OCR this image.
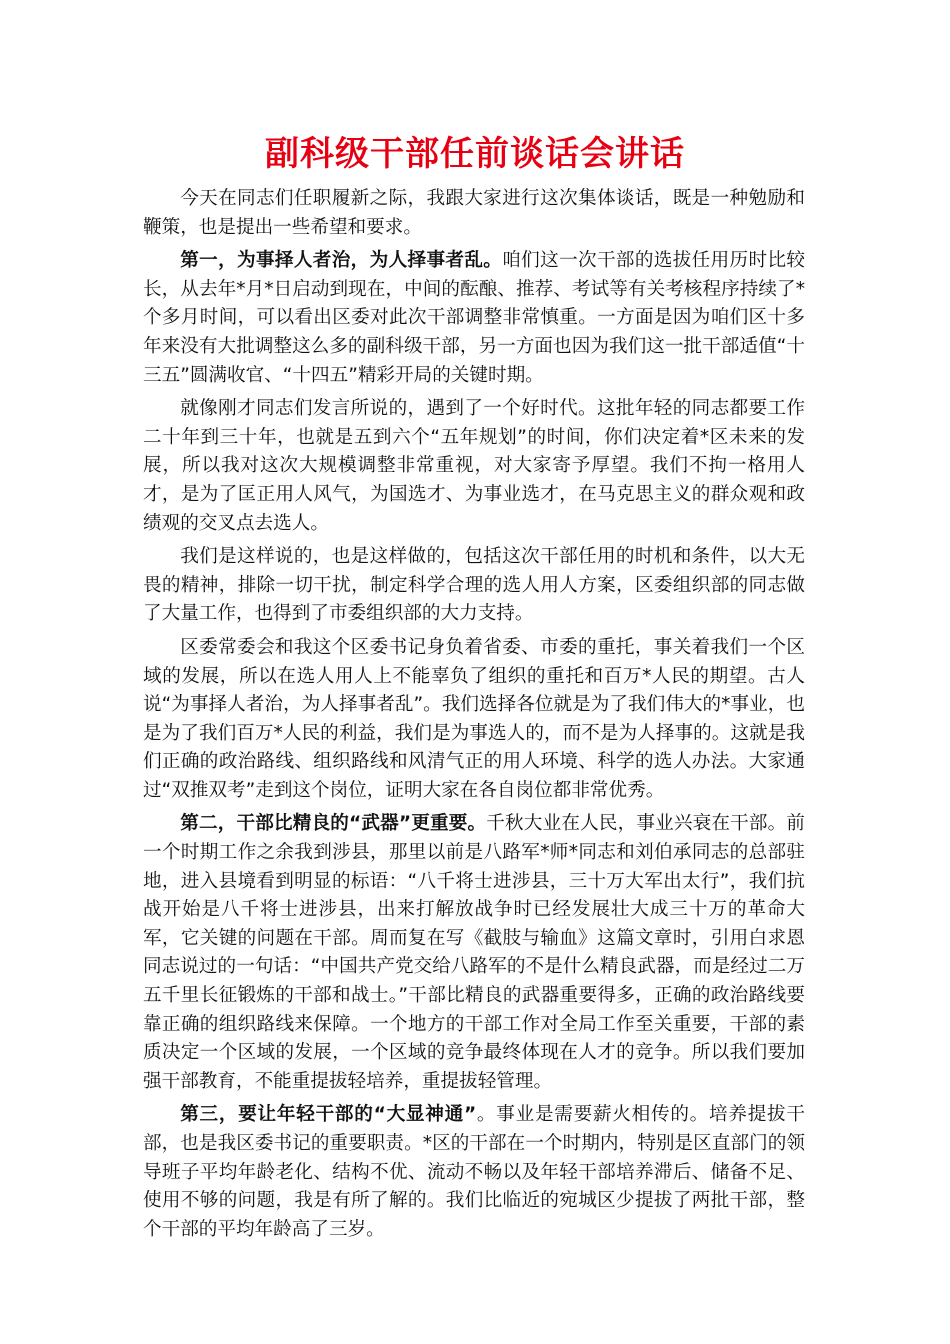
副科级干部任前谈话会讲话

今天在同志们任职履新之际，我跟大家进行这次集体谈话，既是一种勉励和鞭策，也是提出一些希望和要求。

第一，为事择人者治，为人择事者乱。咱们这一次干部的选拔任用历时比较长，从去年*月*日启动到现在，中间的酝酿、推荐、考试等有关考核程序持续了*个多月时间，可以看出区委对此次干部调整非常慎重。一方面是因为咱们区十多年来没有大批调整这么多的副科级干部，另一方面也因为我们这一批干部适值“十三五”圆满收官、“十四五”精彩开局的关键时期。

就像刚才同志们发言所说的，遇到了一个好时代。这批年轻的同志都要工作二十年到三十年，也就是五到六个“五年规划”的时间，你们决定着*区未来的发展，所以我对这次大规模调整非常重视，对大家寄予厚望。我们不拘一格用人才，是为了匡正用人风气，为国选才、为事业选才，在马克思主义的群众观和政绩观的交叉点去选人。

我们是这样说的，也是这样做的，包括这次干部任用的时机和条件，以大无畏的精神，排除一切干扰，制定科学合理的选人用人方案，区委组织部的同志做了大量工作，也得到了市委组织部的大力支持。

区委常委会和我这个区委书记身负着省委、市委的重托，事关着我们一个区域的发展，所以在选人用人上不能辜负了组织的重托和百万*人民的期望。古人说“为事择人者治，为人择事者乱”。我们选择各位就是为了我们伟大的*事业，也是为了我们百万*人民的利益，我们是为事选人的，而不是为人择事的。这就是我们正确的政治路线、组织路线和风清气正的用人环境、科学的选人办法。大家通过“双推双考”走到这个岗位，证明大家在各自岗位都非常优秀。

第二，干部比精良的“武器”更重要。千秋大业在人民，事业兴衰在干部。前一个时期工作之余我到涉县，那里以前是八路军*师*同志和刘伯承同志的总部驻地，进入县境看到明显的标语：“八千将士进涉县，三十万大军出太行”，我们抗战开始是八千将士进涉县，出来打解放战争时已经发展壮大成三十万的革命大军，它关键的问题在干部。周而复在写《截肢与输血》这篇文章时，引用白求恩同志说过的一句话：“中国共产党交给八路军的不是什么精良武器，而是经过二万五千里长征锻炼的干部和战士。”干部比精良的武器重要得多，正确的政治路线要靠正确的组织路线来保障。一个地方的干部工作对全局工作至关重要，干部的素质决定一个区域的发展，一个区域的竞争最终体现在人才的竞争。所以我们要加强干部教育，不能重提拔轻培养，重提拔轻管理。

第三，要让年轻干部的“大显神通”。事业是需要薪火相传的。培养提拔干部，也是我区委书记的重要职责。*区的干部在一个时期内，特别是区直部门的领导班子平均年龄老化、结构不优、流动不畅以及年轻干部培养滞后、储备不足、使用不够的问题，我是有所了解的。我们比临近的宛城区少提拔了两批干部，整个干部的平均年龄高了三岁。
